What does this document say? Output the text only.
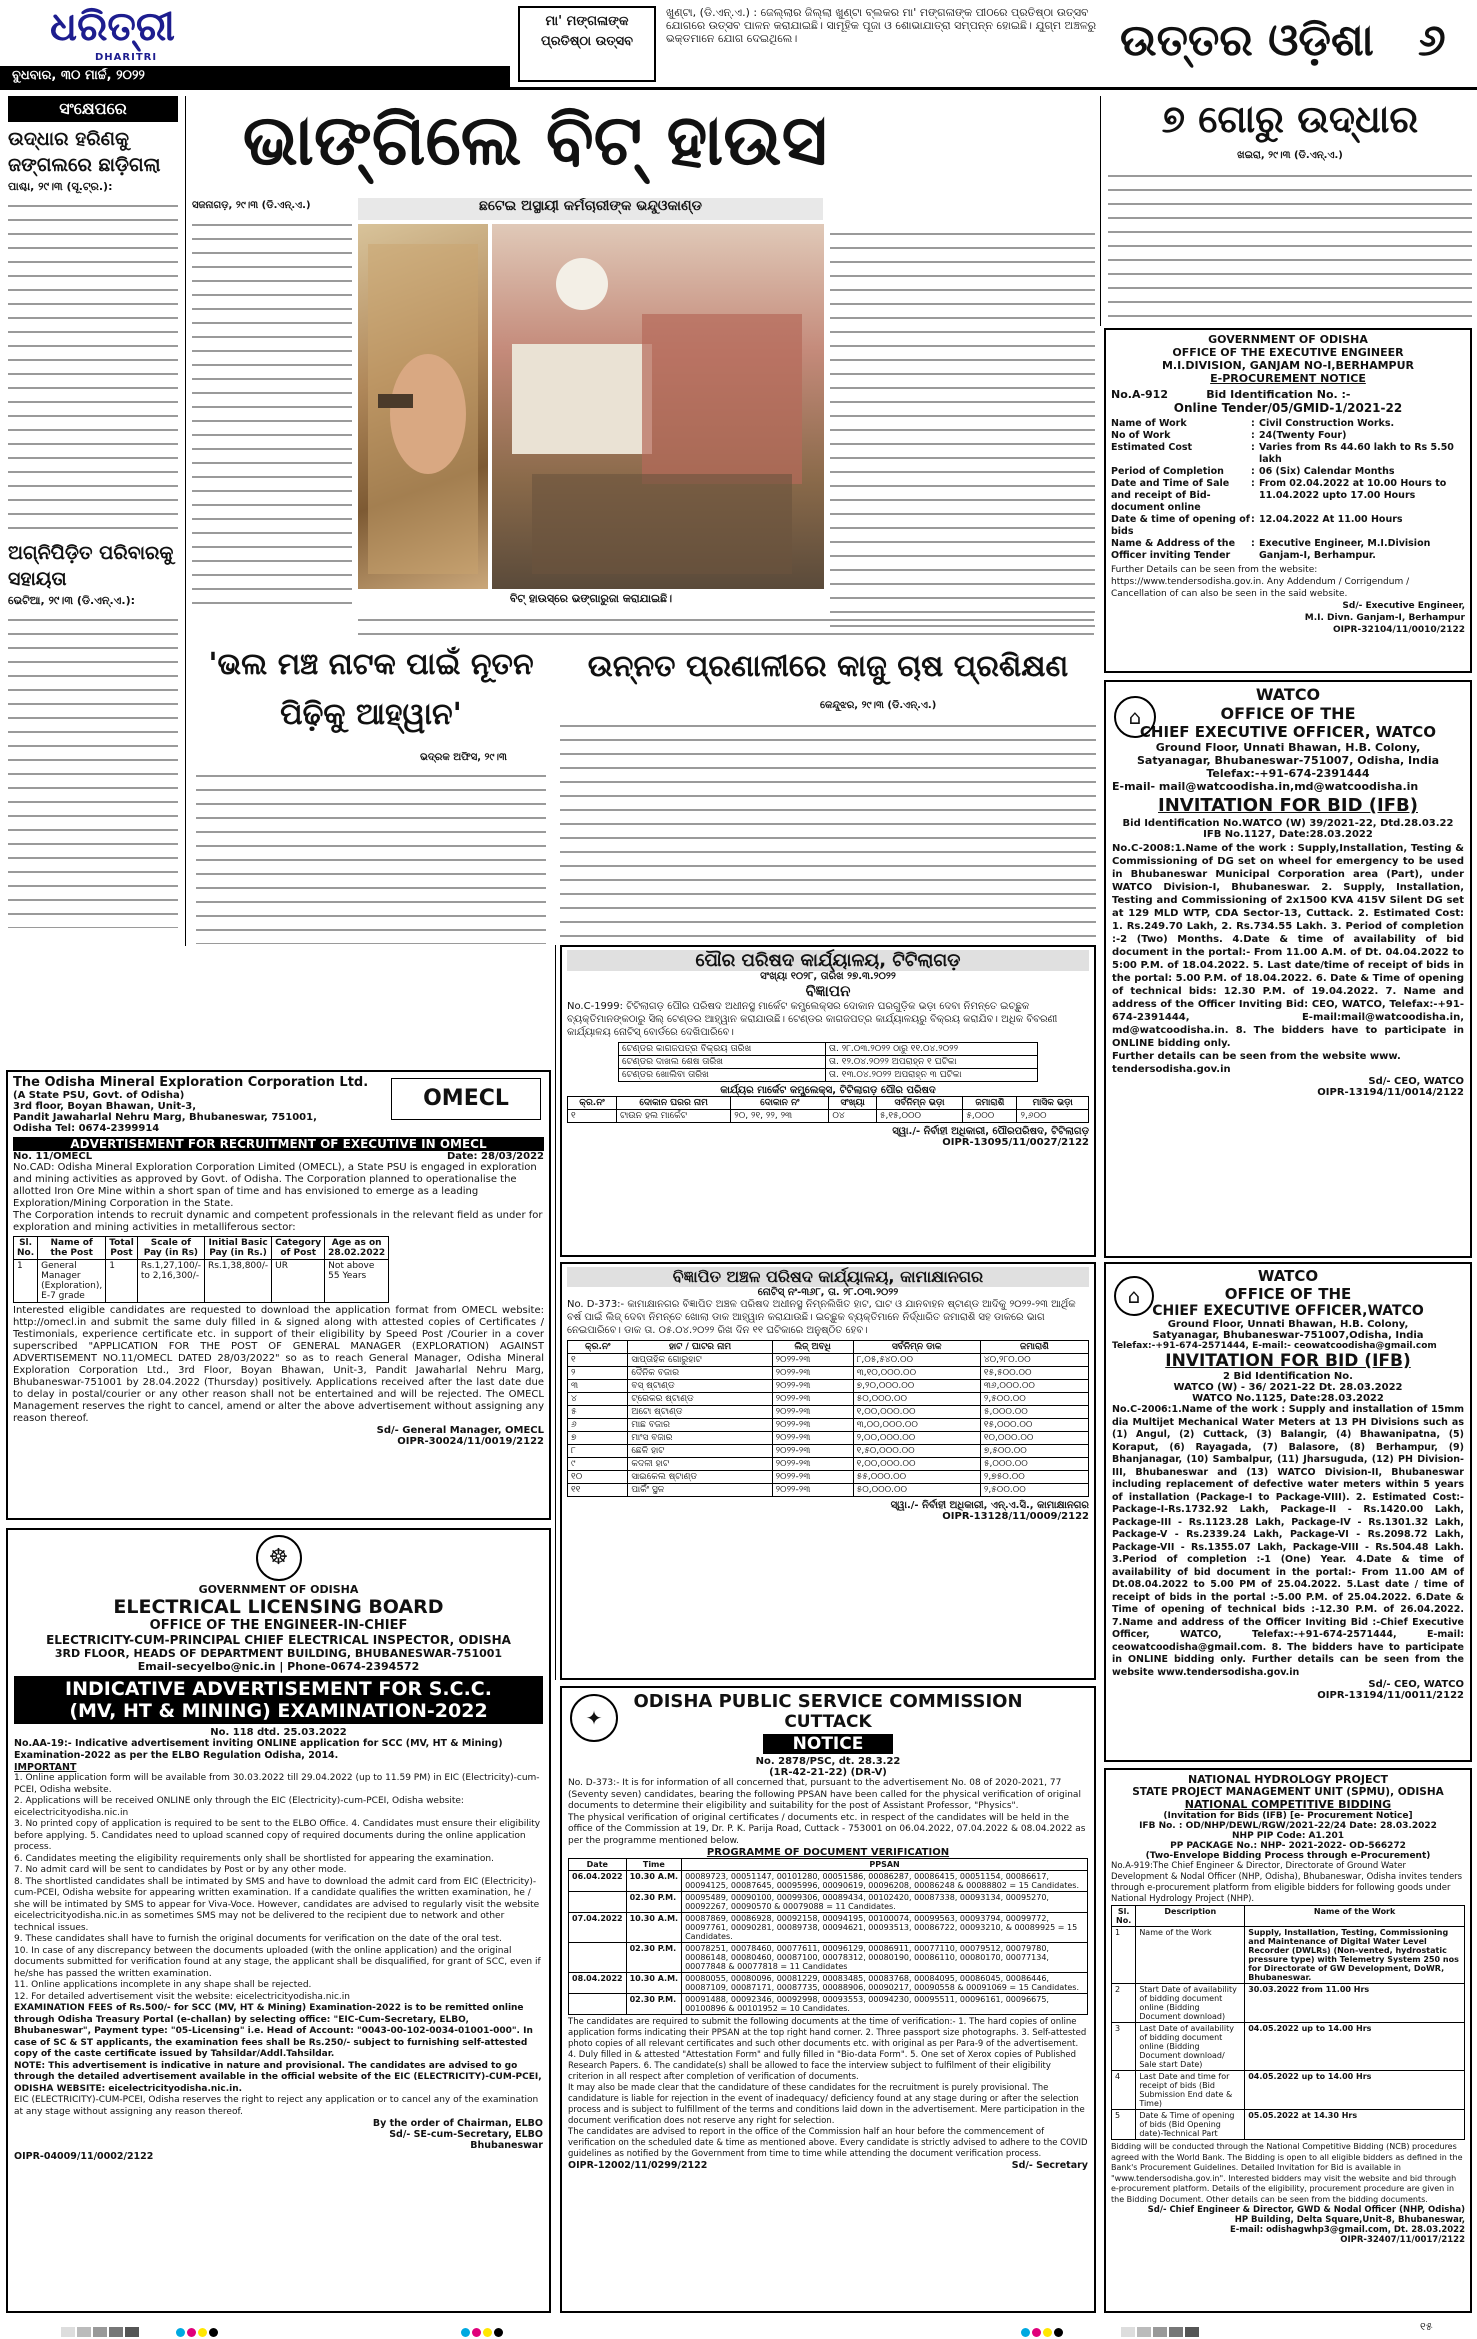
ଧରିତ୍ରୀ
DHARITRI
ବୁଧବାର, ୩୦ ମାର୍ଚ୍ଚ, ୨୦୨୨
ମା' ମଙ୍ଗଳାଙ୍କ
ପ୍ରତିଷ୍ଠା ଉତ୍ସବ
ଖୁଣ୍ଟା, (ଡି.ଏନ୍.ଏ.) : ଜେଲ୍ଲାର ଜିଲ୍ଲା ଖୁଣ୍ଟା ବ୍ଲକର ମା' ମଙ୍ଗଳାଙ୍କ ପୀଠରେ ପ୍ରତିଷ୍ଠା ଉତ୍ସବ ଯୋଗରେ ଉତ୍ସବ ପାଳନ କରାଯାଇଛି। ସାମୂହିକ ପୂଜା ଓ ଶୋଭାଯାତ୍ରା ସମ୍ପନ୍ନ ହୋଇଛି। ଯୁଗ୍ମ ଅଞ୍ଚଳରୁ ଭକ୍ତମାନେ ଯୋଗ ଦେଇଥିଲେ।	ଉତ୍ତର ଓଡ଼ିଶା	୬
ସଂକ୍ଷେପରେ
ଉଦ୍ଧାର ହରିଣକୁ ଜଙ୍ଗଲରେ ଛାଡ଼ିଗଲା
ପାଶ୍ଚା, ୨୯।୩ (ସୂ.ଟ୍ର.):
ଅଗ୍ନିପିଡ଼ିତ ପରିବାରକୁ ସହାୟତା
ଭେଟିଆ, ୨୯।୩ (ଡି.ଏନ୍.ଏ.):
ଭାଙ୍ଗିଲେ ବିଟ୍ ହାଉସ
ସଜନାଗଡ଼, ୨୯।୩ (ଡି.ଏନ୍.ଏ.)	ଛଟେଇ ଅସ୍ଥାୟୀ କର୍ମଚାରୀଙ୍କ ଭନ୍ଦୁଓକାଣ୍ଡ
ବିଟ୍ ହାଉସ୍‌ରେ ଭଙ୍ଗାରୁଜା କରାଯାଇଛି।
୭ ଗୋରୁ ଉଦ୍ଧାର
ଖଇରା, ୨୯।୩ (ଡି.ଏନ୍.ଏ.)
GOVERNMENT OF ODISHA
OFFICE OF THE EXECUTIVE ENGINEER
M.I.DIVISION, GANJAM NO-I,BERHAMPUR
E-PROCUREMENT NOTICE
No.A-912          Bid Identification No. :-
Online Tender/05/GMID-1/2021-22
Name of Work	: Civil Construction Works.
No of Work	: 24(Twenty Four)
Estimated Cost	: Varies from Rs 44.60 lakh to Rs 5.50 lakh
Period of Completion	: 06 (Six) Calendar Months
Date and Time of Sale and receipt of Bid-document online
: From 02.04.2022 at 10.00 Hours to 11.04.2022 upto 17.00 Hours
Date & time of opening of bids
: 12.04.2022 At 11.00 Hours
Name & Address of the Officer inviting Tender
: Executive Engineer, M.I.Division Ganjam-I, Berhampur.
Further Details can be seen from the website: https://www.tendersodisha.gov.in. Any Addendum / Corrigendum / Cancellation of can also be seen in the said website.
Sd/- Executive Engineer,
M.I. Divn. Ganjam-I, Berhampur
OIPR-32104/11/0010/2122
'ଭଲ ମଞ୍ଚ ନାଟକ ପାଇଁ ନୂତନ ପିଢ଼ିକୁ ଆହ୍ୱାନ'
ଭଦ୍ରକ ଅଫିସ, ୨୯।୩
ଉନ୍ନତ ପ୍ରଣାଳୀରେ କାଜୁ ଚାଷ ପ୍ରଶିକ୍ଷଣ
କେନ୍ଦୁଝର, ୨୯।୩ (ଡି.ଏନ୍.ଏ.)	⌂
WATCO
OFFICE OF THE
CHIEF EXECUTIVE OFFICER, WATCO
Ground Floor, Unnati Bhawan, H.B. Colony,
Satyanagar, Bhubaneswar-751007, Odisha, India
Telefax:-+91-674-2391444
E-mail- mail@watcoodisha.in,md@watcoodisha.in
INVITATION FOR BID (IFB)
Bid Identification No.WATCO (W) 39/2021-22, Dtd.28.03.22
IFB No.1127, Date:28.03.2022
No.C-2008:1.Name of the work : Supply,Installation, Testing & Commissioning of DG set on wheel for emergency to be used in Bhubaneswar Municipal Corporation area (Part), under WATCO Division-I, Bhubaneswar. 2. Supply, Installation, Testing and Commissioning of 2x1500 KVA 415V Silent DG set at 129 MLD WTP, CDA Sector-13, Cuttack. 2. Estimated Cost: 1. Rs.249.70 Lakh, 2. Rs.734.55 Lakh. 3. Period of completion :-2 (Two) Months. 4.Date & time of availability of bid document in the portal:- From 11.00 A.M. of Dt. 04.04.2022 to 5:00 P.M. of 18.04.2022. 5. Last date/time of receipt of bids in the portal: 5.00 P.M. of 18.04.2022. 6. Date & Time of opening of technical bids: 12.30 P.M. of 19.04.2022. 7. Name and address of the Officer Inviting Bid: CEO, WATCO, Telefax:-+91-674-2391444, E-mail:mail@watcoodisha.in, md@watcoodisha.in. 8. The bidders have to participate in ONLINE bidding only.
Further details can be seen from the website www. tendersodisha.gov.in
Sd/- CEO, WATCO
OIPR-13194/11/0014/2122
The Odisha Mineral Exploration Corporation Ltd.
(A State PSU, Govt. of Odisha)
3rd floor, Boyan Bhawan, Unit-3,
Pandit Jawaharlal Nehru Marg, Bhubaneswar, 751001,
Odisha Tel: 0674-2399914
OMECL
ADVERTISEMENT FOR RECRUITMENT OF EXECUTIVE IN OMECL
No. 11/OMECL	Date: 28/03/2022
No.CAD: Odisha Mineral Exploration Corporation Limited (OMECL), a State PSU is engaged in exploration and mining activities as approved by Govt. of Odisha. The Corporation planned to operationalise the allotted Iron Ore Mine within a short span of time and has envisioned to emerge as a leading Exploration/Mining Corporation in the State.
The Corporation intends to recruit dynamic and competent professionals in the relevant field as under for exploration and mining activities in metalliferous sector:
Sl. No.	Name of the Post	Total Post	Scale of Pay (in Rs)	Initial Basic Pay (in Rs.)	Category of Post	Age as on 28.02.2022
1	General Manager (Exploration), E-7 grade	1	Rs.1,27,100/- to 2,16,300/-	Rs.1,38,800/-	UR	Not above 55 Years
Interested eligible candidates are requested to download the application format from OMECL website: http://omecl.in and submit the same duly filled in & signed along with attested copies of Certificates / Testimonials, experience certificate etc. in support of their eligibility by Speed Post /Courier in a cover superscribed "APPLICATION FOR THE POST OF GENERAL MANAGER (EXPLORATION) AGAINST ADVERTISEMENT NO.11/OMECL DATED 28/03/2022" so as to reach General Manager, Odisha Mineral Exploration Corporation Ltd., 3rd Floor, Boyan Bhawan, Unit-3, Pandit Jawaharlal Nehru Marg, Bhubaneswar-751001 by 28.04.2022 (Thursday) positively. Applications received after the last date due to delay in postal/courier or any other reason shall not be entertained and will be rejected. The OMECL Management reserves the right to cancel, amend or alter the above advertisement without assigning any reason thereof.
Sd/- General Manager, OMECL
OIPR-30024/11/0019/2122
ପୌର ପରିଷଦ କାର୍ଯ୍ୟାଳୟ, ଟିଟିଲାଗଡ଼
ସଂଖ୍ୟା ୧୦୨୮, ତାରିଖ ୨୭.୩.୨୦୨୨
ବିଜ୍ଞାପନ
No.C-1999: ଟିଟିଲାଗଡ଼ ପୌର ପରିଷଦ ଅଧୀନସ୍ଥ ମାର୍କେଟ କମ୍ପ୍ଲେକ୍ସର ଦୋକାନ ଘରଗୁଡ଼ିକ ଭଡ଼ା ଦେବା ନିମନ୍ତେ ଇଚ୍ଛୁକ ବ୍ୟକ୍ତିମାନଙ୍କଠାରୁ ସିଲ୍ ଟେଣ୍ଡର ଆହ୍ୱାନ କରାଯାଉଛି। ଟେଣ୍ଡର କାଗଜପତ୍ର କାର୍ଯ୍ୟାଳୟରୁ ବିକ୍ରୟ କରାଯିବ। ଅଧିକ ବିବରଣୀ କାର୍ଯ୍ୟାଳୟ ନୋଟିସ୍ ବୋର୍ଡରେ ଦେଖିପାରିବେ।
ଟେଣ୍ଡର କାଗଜପତ୍ର ବିକ୍ରୟ ତାରିଖ	ତା. ୨୮.୦୩.୨୦୨୨ ଠାରୁ ୧୧.୦୪.୨୦୨୨
ଟେଣ୍ଡର ଦାଖଲ ଶେଷ ତାରିଖ	ତା. ୧୨.୦୪.୨୦୨୨ ଅପରାହ୍ନ ୧ ଘଟିକା
ଟେଣ୍ଡର ଖୋଲିବା ତାରିଖ	ତା. ୧୩.୦୪.୨୦୨୨ ଅପରାହ୍ନ ୩ ଘଟିକା
କାର୍ଯ୍ୟର ମାର୍କେଟ କମ୍ପ୍ଲେକ୍ସ, ଟିଟିଲାଗଡ଼ ପୌର ପରିଷଦ
କ୍ର.ନଂ	ଦୋକାନ ଘରର ନାମ	ଦୋକାନ ନଂ	ସଂଖ୍ୟା	ସର୍ବନିମ୍ନ ଭଡ଼ା	ଜମାରାଶି	ମାସିକ ଭଡ଼ା
୧	ଟାଉନ ହଲ ମାର୍କେଟ	୨୦, ୨୧, ୨୨, ୨୩	୦୪	୫,୧୫,୦୦୦	୫,୦୦୦	୨,୬୦୦
ସ୍ୱା./- ନିର୍ବାହୀ ଅଧିକାରୀ, ପୌରପରିଷଦ, ଟିଟିଲାଗଡ଼
OIPR-13095/11/0027/2122
⌂
WATCO
OFFICE OF THE
CHIEF EXECUTIVE OFFICER,WATCO
Ground Floor, Unnati Bhawan, H.B. Colony,
Satyanagar, Bhubaneswar-751007,Odisha, India
Telefax:-+91-674-2571444, E-mail:- ceowatcoodisha@gmail.com
INVITATION FOR BID (IFB)
2 Bid Identification No.
WATCO (W) - 36/ 2021-22 Dt. 28.03.2022
WATCO No.1125, Date:28.03.2022
No.C-2006:1.Name of the work : Supply and installation of 15mm dia Multijet Mechanical Water Meters at 13 PH Divisions such as (1) Angul, (2) Cuttack, (3) Balangir, (4) Bhawanipatna, (5) Koraput, (6) Rayagada, (7) Balasore, (8) Berhampur, (9) Bhanjanagar, (10) Sambalpur, (11) Jharsuguda, (12) PH Division-III, Bhubaneswar and (13) WATCO Division-II, Bhubaneswar including replacement of defective water meters within 5 years of installation (Package-I to Package-VIII). 2. Estimated Cost:-Package-I-Rs.1732.92 Lakh, Package-II - Rs.1420.00 Lakh, Package-III - Rs.1123.28 Lakh, Package-IV - Rs.1301.32 Lakh, Package-V - Rs.2339.24 Lakh, Package-VI - Rs.2098.72 Lakh, Package-VII - Rs.1355.07 Lakh, Package-VIII - Rs.504.48 Lakh. 3.Period of completion :-1 (One) Year. 4.Date & time of availability of bid document in the portal:- From 11.00 AM of Dt.08.04.2022 to 5.00 PM of 25.04.2022. 5.Last date / time of receipt of bids in the portal :-5.00 P.M. of 25.04.2022. 6.Date & Time of opening of technical bids :-12.30 P.M. of 26.04.2022. 7.Name and address of the Officer Inviting Bid :-Chief Executive Officer, WATCO, Telefax:-+91-674-2571444, E-mail: ceowatcoodisha@gmail.com. 8. The bidders have to participate in ONLINE bidding only. Further details can be seen from the website www.tendersodisha.gov.in
Sd/- CEO, WATCO
OIPR-13194/11/0011/2122
ବିଜ୍ଞାପିତ ଅଞ୍ଚଳ ପରିଷଦ କାର୍ଯ୍ୟାଳୟ, କାମାକ୍ଷାନଗର
ନୋଟିସ୍ ନଂ-୩୬୮, ତା. ୨୮.୦୩.୨୦୨୨
No. D-373:- କାମାକ୍ଷାନଗର ବିଜ୍ଞାପିତ ଅଞ୍ଚଳ ପରିଷଦ ଅଧୀନସ୍ଥ ନିମ୍ନଲିଖିତ ହାଟ, ଘାଟ ଓ ଯାନବାହନ ଷ୍ଟାଣ୍ଡ ଆଦିକୁ ୨୦୨୨-୨୩ ଆର୍ଥିକ ବର୍ଷ ପାଇଁ ଲିଜ୍ ଦେବା ନିମନ୍ତେ ଖୋଲା ଡାକ ଆହ୍ୱାନ କରାଯାଉଛି। ଇଚ୍ଛୁକ ବ୍ୟକ୍ତିମାନେ ନିର୍ଦ୍ଧାରିତ ଜମାରାଶି ସହ ଡାକରେ ଭାଗ ନେଇପାରିବେ। ଡାକ ତା. ୦୫.୦୪.୨୦୨୨ ରିଖ ଦିନ ୧୧ ଘଟିକାରେ ଅନୁଷ୍ଠିତ ହେବ।
କ୍ର.ନଂ	ହାଟ / ଘାଟର ନାମ	ଲିଜ୍ ଅବଧି	ସର୍ବନିମ୍ନ ଡାକ	ଜମାରାଶି
୧	ସାପ୍ତାହିକ ଗୋରୁହାଟ	୨୦୨୨-୨୩	୮,୦୫,୫୪୦.୦୦	୪୦,୨୮୦.୦୦
୨	ଦୈନିକ ବଜାର	୨୦୨୨-୨୩	୩,୧୦,୦୦୦.୦୦	୧୫,୫୦୦.୦୦
୩	ବସ୍ ଷ୍ଟାଣ୍ଡ	୨୦୨୨-୨୩	୭,୨୦,୦୦୦.୦୦	୩୬,୦୦୦.୦୦
୪	ଟ୍ରେକର ଷ୍ଟାଣ୍ଡ	୨୦୨୨-୨୩	୫୦,୦୦୦.୦୦	୨,୫୦୦.୦୦
୫	ଅଟୋ ଷ୍ଟାଣ୍ଡ	୨୦୨୨-୨୩	୧,୦୦,୦୦୦.୦୦	୫,୦୦୦.୦୦
୬	ମାଛ ବଜାର	୨୦୨୨-୨୩	୩,୦୦,୦୦୦.୦୦	୧୫,୦୦୦.୦୦
୭	ମାଂସ ବଜାର	୨୦୨୨-୨୩	୨,୦୦,୦୦୦.୦୦	୧୦,୦୦୦.୦୦
୮	ଛେଳି ହାଟ	୨୦୨୨-୨୩	୧,୫୦,୦୦୦.୦୦	୭,୫୦୦.୦୦
୯	କଦଳୀ ହାଟ	୨୦୨୨-୨୩	୧,୦୦,୦୦୦.୦୦	୫,୦୦୦.୦୦
୧୦	ସାଇକେଲ ଷ୍ଟାଣ୍ଡ	୨୦୨୨-୨୩	୫୫,୦୦୦.୦୦	୨,୭୫୦.୦୦
୧୧	ପାର୍କିଂ ସ୍ଥଳ	୨୦୨୨-୨୩	୫୦,୦୦୦.୦୦	୨,୫୦୦.୦୦
ସ୍ୱା./- ନିର୍ବାହୀ ଅଧିକାରୀ, ଏନ୍.ଏ.ସି., କାମାକ୍ଷାନଗର
OIPR-13128/11/0009/2122
☸
GOVERNMENT OF ODISHA
ELECTRICAL LICENSING BOARD
OFFICE OF THE ENGINEER-IN-CHIEF
ELECTRICITY-CUM-PRINCIPAL CHIEF ELECTRICAL INSPECTOR, ODISHA
3RD FLOOR, HEADS OF DEPARTMENT BUILDING, BHUBANESWAR-751001
Email-secyelbo@nic.in | Phone-0674-2394572
INDICATIVE ADVERTISEMENT FOR S.C.C.
(MV, HT & MINING) EXAMINATION-2022
No. 118 dtd. 25.03.2022
No.AA-19:- Indicative advertisement inviting ONLINE application for SCC (MV, HT & Mining) Examination-2022 as per the ELBO Regulation Odisha, 2014.
IMPORTANT
1. Online application form will be available from 30.03.2022 till 29.04.2022 (up to 11.59 PM) in EIC (Electricity)-cum-PCEI, Odisha website.
2. Applications will be received ONLINE only through the EIC (Electricity)-cum-PCEI, Odisha website: eicelectricityodisha.nic.in
3. No printed copy of application is required to be sent to the ELBO Office. 4. Candidates must ensure their eligibility before applying. 5. Candidates need to upload scanned copy of required documents during the online application process.
6. Candidates meeting the eligibility requirements only shall be shortlisted for appearing the examination.
7. No admit card will be sent to candidates by Post or by any other mode.
8. The shortlisted candidates shall be intimated by SMS and have to download the admit card from EIC (Electricity)-cum-PCEI, Odisha website for appearing written examination. If a candidate qualifies the written examination, he / she will be intimated by SMS to appear for Viva-Voce. However, candidates are advised to regularly visit the website eicelectricityodisha.nic.in as sometimes SMS may not be delivered to the recipient due to network and other technical issues.
9. These candidates shall have to furnish the original documents for verification on the date of the oral test.
10. In case of any discrepancy between the documents uploaded (with the online application) and the original documents submitted for verification found at any stage, the applicant shall be disqualified, for grant of SCC, even if he/she has passed the written examination.
11. Online applications incomplete in any shape shall be rejected.
12. For detailed advertisement visit the website: eicelectricityodisha.nic.in
EXAMINATION FEES of Rs.500/- for SCC (MV, HT & Mining) Examination-2022 is to be remitted online through Odisha Treasury Portal (e-challan) by selecting office: "EIC-Cum-Secretary, ELBO, Bhubaneswar", Payment type: "05-Licensing" i.e. Head of Account: "0043-00-102-0034-01001-000". In case of SC & ST applicants, the examination fees shall be Rs.250/- subject to furnishing self-attested copy of the caste certificate issued by Tahsildar/Addl.Tahsildar.
NOTE: This advertisement is indicative in nature and provisional. The candidates are advised to go through the detailed advertisement available in the official website of the EIC (ELECTRICITY)-CUM-PCEI, ODISHA WEBSITE: eicelectricityodisha.nic.in.
EIC (ELECTRICITY)-CUM-PCEI, Odisha reserves the right to reject any application or to cancel any of the examination at any stage without assigning any reason thereof.
By the order of Chairman, ELBO
Sd/- SE-cum-Secretary, ELBO
Bhubaneswar
OIPR-04009/11/0002/2122
✦
ODISHA PUBLIC SERVICE COMMISSION
CUTTACK
NOTICE
No. 2878/PSC, dt. 28.3.22
(1R-42-21-22) (DR-V)
No. D-373:- It is for information of all concerned that, pursuant to the advertisement No. 08 of 2020-2021, 77 (Seventy seven) candidates, bearing the following PPSAN have been called for the physical verification of original documents to determine their eligibility and suitability for the post of Assistant Professor, "Physics".
The physical verification of original certificates / documents etc. in respect of the candidates will be held in the office of the Commission at 19, Dr. P. K. Parija Road, Cuttack - 753001 on 06.04.2022, 07.04.2022 & 08.04.2022 as per the programme mentioned below.
PROGRAMME OF DOCUMENT VERIFICATION
Date	Time	PPSAN
06.04.2022	10.30 A.M.	00089723, 00051147, 00101280, 00051586, 00086287, 00086415, 00051154, 00086617, 00094125, 00087645, 00095996, 00090619, 00096208, 00086248 & 00088802 = 15 Candidates.
	02.30 P.M.	00095489, 00090100, 00099306, 00089434, 00102420, 00087338, 00093134, 00095270, 00092267, 00090570 & 00079088 = 11 Candidates.
07.04.2022	10.30 A.M.	00087869, 00086928, 00092158, 00094195, 00100074, 00099563, 00093794, 00099772, 00097761, 00090281, 00089738, 00094621, 00093513, 00086722, 00093210, & 00089925 = 15 Candidates.
	02.30 P.M.	00078251, 00078460, 00077611, 00096129, 00086911, 00077110, 00079512, 00079780, 00086148, 00080460, 00087100, 00078312, 00080190, 00086110, 00080170, 00077134, 00077848 & 00077818 = 11 Candidates
08.04.2022	10.30 A.M.	00080055, 00080096, 00081229, 00083485, 00083768, 00084095, 00086045, 00086446, 00087109, 00087171, 00087735, 00088906, 00090217, 00090558 & 00091069 = 15 Candidates.
	02.30 P.M.	00091488, 00092346, 00092998, 00093553, 00094230, 00095511, 00096161, 00096675, 00100896 & 00101952 = 10 Candidates.
The candidates are required to submit the following documents at the time of verification:- 1. The hard copies of online application forms indicating their PPSAN at the top right hand corner. 2. Three passport size photographs. 3. Self-attested photo copies of all relevant certificates and such other documents etc. with original as per Para-9 of the advertisement. 4. Duly filled in & attested "Attestation Form" and fully filled in "Bio-data Form". 5. One set of Xerox copies of Published Research Papers. 6. The candidate(s) shall be allowed to face the interview subject to fulfilment of their eligibility criterion in all respect after completion of verification of documents.
It may also be made clear that the candidature of these candidates for the recruitment is purely provisional. The candidature is liable for rejection in the event of inadequacy/ deficiency found at any stage during or after the selection process and is subject to fulfillment of the terms and conditions laid down in the advertisement. Mere participation in the document verification does not reserve any right for selection.
The candidates are advised to report in the office of the Commission half an hour before the commencement of verification on the scheduled date & time as mentioned above. Every candidate is strictly advised to adhere to the COVID guidelines as notified by the Government from time to time while attending the document verification process.
OIPR-12002/11/0299/2122	Sd/- Secretary
NATIONAL HYDROLOGY PROJECT
STATE PROJECT MANAGEMENT UNIT (SPMU), ODISHA
NATIONAL COMPETITIVE BIDDING
(Invitation for Bids (IFB) [e- Procurement Notice]
IFB No. : OD/NHP/DEWL/RGW/2021-22/24 Date: 28.03.2022
NHP PIP Code: A1.201
PP PACKAGE No.: NHP- 2021-2022- OD-566272
(Two-Envelope Bidding Process through e-Procurement)
No.A-919:The Chief Engineer & Director, Directorate of Ground Water Development & Nodal Officer (NHP, Odisha), Bhubaneswar, Odisha invites tenders through e-procurement platform from eligible bidders for following goods under National Hydrology Project (NHP).
Sl. No.	Description	Name of the Work
1	Name of the Work	Supply, Installation, Testing, Commissioning and Maintenance of Digital Water Level Recorder (DWLRs) (Non-vented, hydrostatic pressure type) with Telemetry System 250 nos for Directorate of GW Development, DoWR, Bhubaneswar.
2	Start Date of availability of bidding document online (Bidding Document download)	30.03.2022 from 11.00 Hrs
3	Last Date of availability of bidding document online (Bidding Document download/ Sale start Date)	04.05.2022 up to 14.00 Hrs
4	Last Date and time for receipt of bids (Bid Submission End date & Time)	04.05.2022 up to 14.00 Hrs
5	Date & Time of opening of bids (Bid Opening date)-Technical Part	05.05.2022 at 14.30 Hrs
Bidding will be conducted through the National Competitive Bidding (NCB) procedures agreed with the World Bank. The Bidding is open to all eligible bidders as defined in the Bank's Procurement Guidelines. Detailed Invitation for Bid is available in "www.tendersodisha.gov.in". Interested bidders may visit the website and bid through e-procurement platform. Details of the eligibility, procurement procedure are given in the Bidding Document. Other details can be seen from the bidding documents.
Sd/- Chief Engineer & Director, GWD & Nodal Officer (NHP, Odisha)
HP Building, Delta Square,Unit-8, Bhubaneswar,
E-mail: odishagwhp3@gmail.com, Dt. 28.03.2022
OIPR-32407/11/0017/2122
୧୫
